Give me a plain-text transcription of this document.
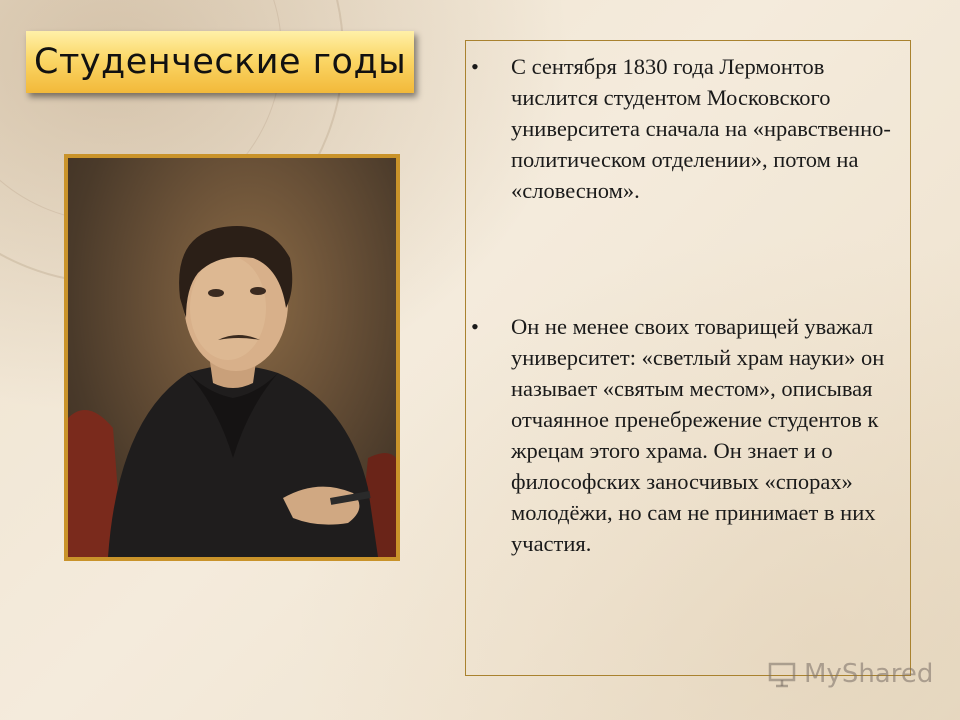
Студенческие годы	• С сентября 1830 года Лермонтов числится студентом Московского университета сначала на «нравственно-политическом отделении», потом на «словесном».
• Он не менее своих товарищей уважал университет: «светлый храм науки» он называет «святым местом», описывая отчаянное пренебрежение студентов к жрецам этого храма. Он знает и о философских заносчивых «спорах» молодёжи, но сам не принимает в них участия.
MyShared
